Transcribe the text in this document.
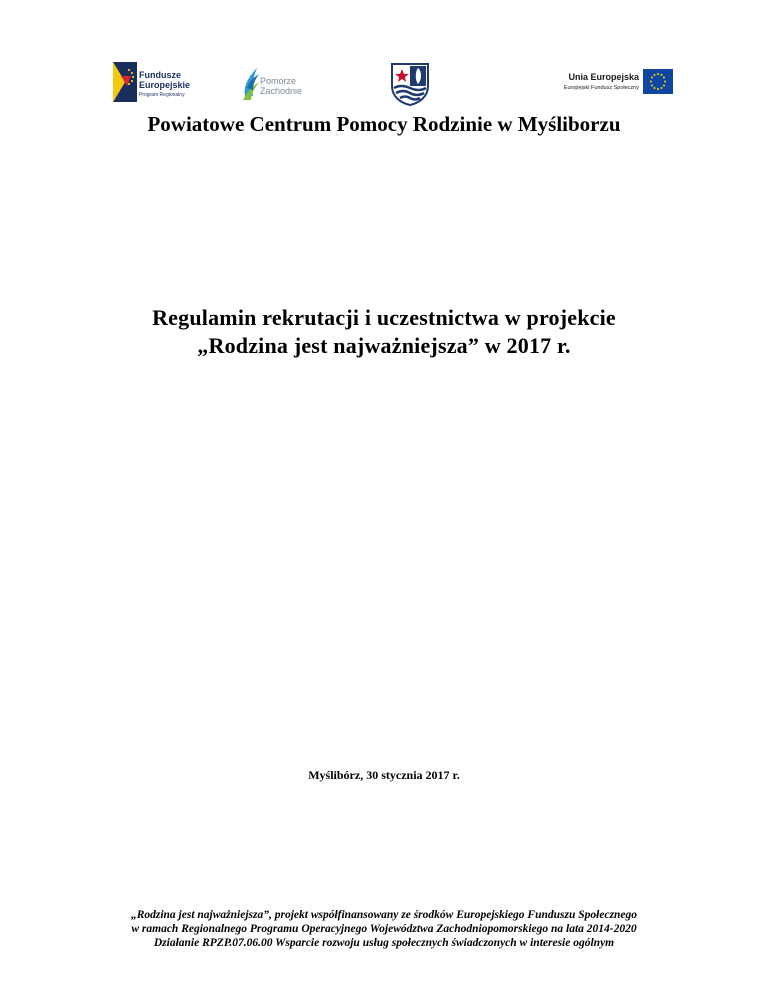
Fundusze
Europejskie
Program Regionalny
Pomorze
Zachodnie
Unia Europejska
Europejski Fundusz Społeczny
Powiatowe Centrum Pomocy Rodzinie w Myśliborzu
Regulamin rekrutacji i uczestnictwa w projekcie
„Rodzina jest najważniejsza” w 2017 r.

Myślibórz, 30 stycznia 2017 r.

„Rodzina jest najważniejsza”, projekt współfinansowany ze środków Europejskiego Funduszu Społecznego
w ramach Regionalnego Programu Operacyjnego Województwa Zachodniopomorskiego na lata 2014-2020
Działanie RPZP.07.06.00 Wsparcie rozwoju usług społecznych świadczonych w interesie ogólnym
